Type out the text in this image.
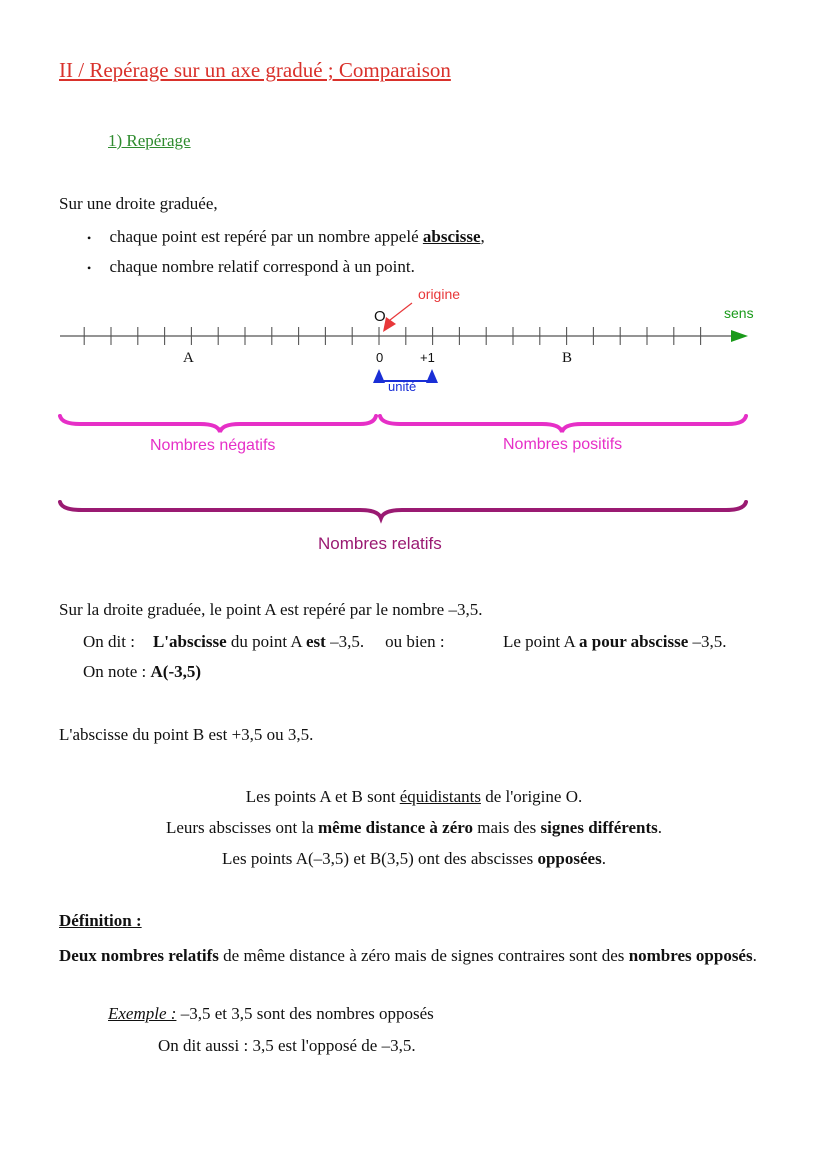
II / Repérage sur un axe gradué ; Comparaison
1) Repérage
Sur une droite graduée,
• chaque point est repéré par un nombre appelé abscisse,
• chaque nombre relatif correspond à un point.
origine
O	sens
A	B
0	+1
unité
Nombres négatifs	Nombres positifs
Nombres relatifs
Sur la droite graduée, le point A est repéré par le nombre –3,5.
On dit : L'abscisse du point A est –3,5. ou bien :	Le point A a pour abscisse –3,5.
On note : A(-3,5)
L'abscisse du point B est +3,5 ou 3,5.
Les points A et B sont équidistants de l'origine O.
Leurs abscisses ont la même distance à zéro mais des signes différents.
Les points A(–3,5) et B(3,5) ont des abscisses opposées.
Définition :
Deux nombres relatifs de même distance à zéro mais de signes contraires sont des nombres opposés.
Exemple : –3,5 et 3,5 sont des nombres opposés
On dit aussi : 3,5 est l'opposé de –3,5.
